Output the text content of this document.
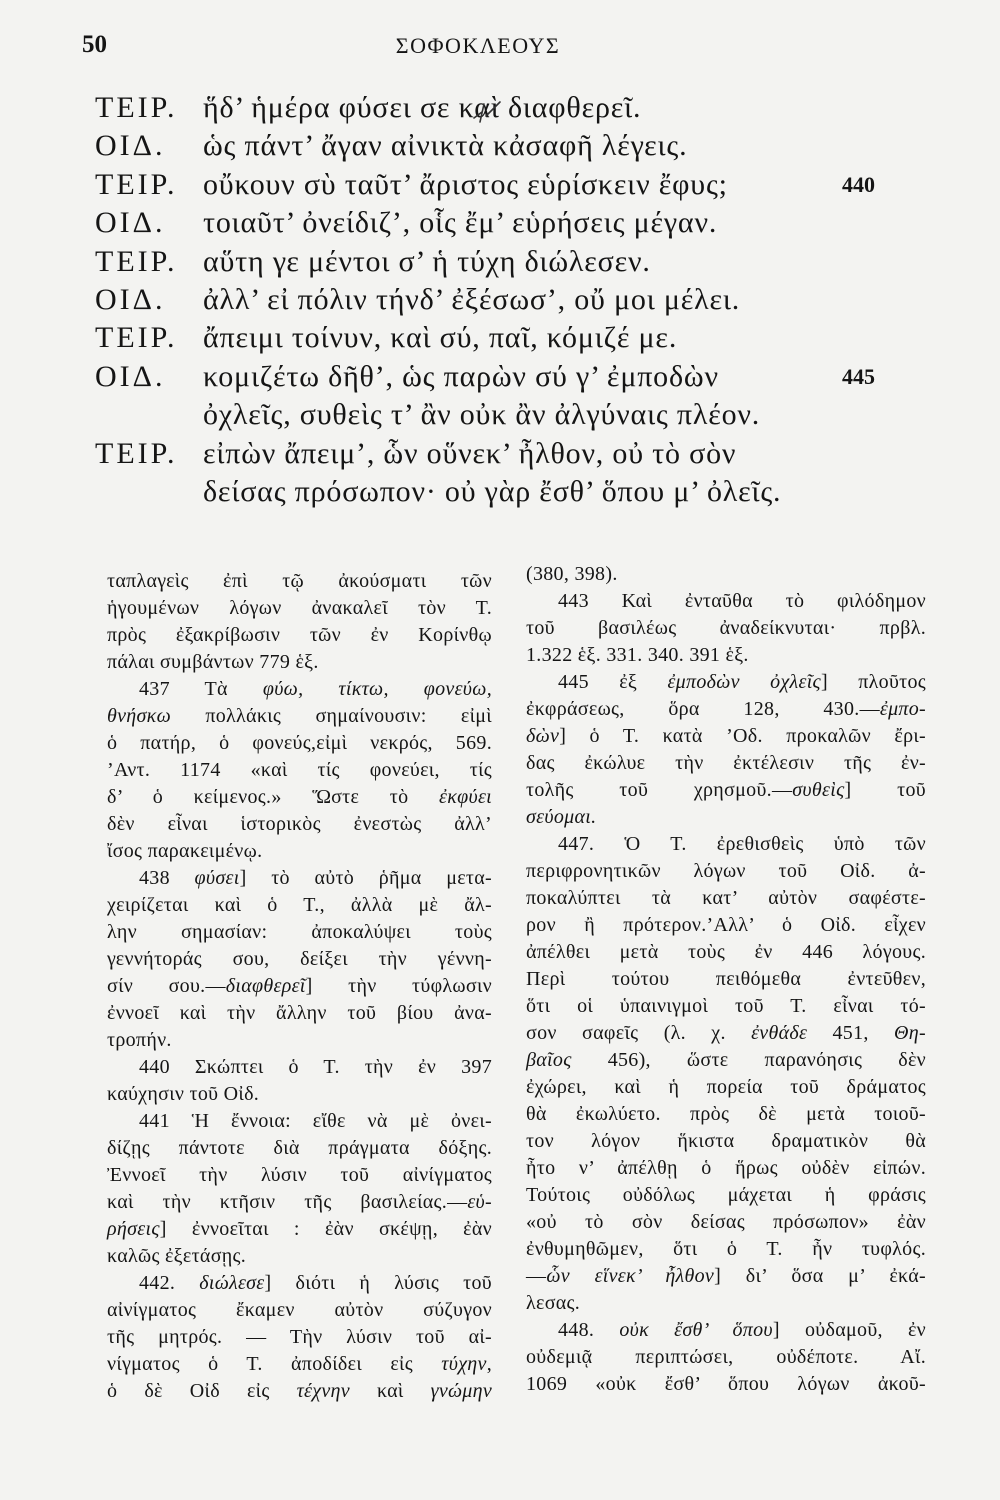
50	ΣΟΦΟΚΛΕΟΥΣ
ΤΕΙΡ. ἥδ’ ἡμέρα φύσει σε καὶ διαφθερεῖ.
ΟΙΔ. ὡς πάντ’ ἄγαν αἰνικτὰ κἀσαφῆ λέγεις.
ΤΕΙΡ. οὔκουν σὺ ταῦτ’ ἄριστος εὑρίσκειν ἔφυς;	440
ΟΙΔ. τοιαῦτ’ ὀνείδιζ’, οἷς ἔμ’ εὑρήσεις μέγαν.
ΤΕΙΡ. αὕτη γε μέντοι σ’ ἡ τύχη διώλεσεν.
ΟΙΔ. ἀλλ’ εἰ πόλιν τήνδ’ ἐξέσωσ’, οὔ μοι μέλει.
ΤΕΙΡ. ἄπειμι τοίνυν, καὶ σύ, παῖ, κόμιζέ με.
ΟΙΔ. κομιζέτω δῆθ’, ὡς παρὼν σύ γ’ ἐμποδὼν	445
ὀχλεῖς, συθεὶς τ’ ἂν οὐκ ἂν ἀλγύναις πλέον.
ΤΕΙΡ. εἰπὼν ἄπειμ’, ὧν οὕνεκ’ ἦλθον, οὐ τὸ σὸν
δείσας πρόσωπον· οὐ γὰρ ἔσθ’ ὅπου μ’ ὀλεῖς.
ταπλαγεὶς ἐπὶ τῷ ἀκούσματι τῶν
ἡγουμένων λόγων ἀνακαλεῖ τὸν Τ.
πρὸς ἐξακρίβωσιν τῶν ἐν Κορίνθῳ
πάλαι συμβάντων 779 ἑξ.
437 Τὰ φύω, τίκτω, φονεύω,
θνήσκω πολλάκις σημαίνουσιν: εἰμὶ
ὁ πατήρ, ὁ φονεύς,εἰμὶ νεκρός, 569.
’Αντ. 1174 «καὶ τίς φονεύει, τίς
δ’ ὁ κείμενος.» Ὥστε τὸ ἐκφύει
δὲν εἶναι ἱστορικὸς ἐνεστὼς ἀλλ’
ἴσος παρακειμένῳ.
438 φύσει] τὸ αὐτὸ ῥῆμα μετα-
χειρίζεται καὶ ὁ Τ., ἀλλὰ μὲ ἄλ-
λην σημασίαν: ἀποκαλύψει τοὺς
γεννήτοράς σου, δείξει τὴν γέννη-
σίν σου.—διαφθερεῖ] τὴν τύφλωσιν
ἐννοεῖ καὶ τὴν ἄλλην τοῦ βίου ἀνα-
τροπήν.
440 Σκώπτει ὁ Τ. τὴν ἐν 397
καύχησιν τοῦ Οἰδ.
441 Ἡ ἔννοια: εἴθε νὰ μὲ ὀνει-
δίζῃς πάντοτε διὰ πράγματα δόξης.
Ἐννοεῖ τὴν λύσιν τοῦ αἰνίγματος
καὶ τὴν κτῆσιν τῆς βασιλείας.—εὑ-
ρήσεις] ἐννοεῖται : ἐὰν σκέψῃ, ἐὰν
καλῶς ἐξετάσῃς.
442. διώλεσε] διότι ἡ λύσις τοῦ
αἰνίγματος ἔκαμεν αὐτὸν σύζυγον
τῆς μητρός. — Τὴν λύσιν τοῦ αἰ-
νίγματος ὁ Τ. ἀποδίδει εἰς τύχην,
ὁ δὲ Οἰδ εἰς τέχνην καὶ γνώμην
(380, 398).
443 Καὶ ἐνταῦθα τὸ φιλόδημον
τοῦ βασιλέως ἀναδείκνυται· πρβλ.
1.322 ἑξ. 331. 340. 391 ἑξ.
445 ἐξ ἐμποδὼν ὀχλεῖς] πλοῦτος
ἐκφράσεως, ὅρα 128, 430.—ἐμπο-
δὼν] ὁ Τ. κατὰ ’Οδ. προκαλῶν ἔρι-
δας ἐκώλυε τὴν ἐκτέλεσιν τῆς ἐν-
τολῆς τοῦ χρησμοῦ.—συθεὶς] τοῦ
σεύομαι.
447. Ὁ Τ. ἐρεθισθεὶς ὑπὸ τῶν
περιφρονητικῶν λόγων τοῦ Οἰδ. ἀ-
ποκαλύπτει τὰ κατ’ αὐτὸν σαφέστε-
ρον ἢ πρότερον.’Αλλ’ ὁ Οἰδ. εἶχεν
ἀπέλθει μετὰ τοὺς ἐν 446 λόγους.
Περὶ τούτου πειθόμεθα ἐντεῦθεν,
ὅτι οἱ ὑπαινιγμοὶ τοῦ Τ. εἶναι τό-
σον σαφεῖς (λ. χ. ἐνθάδε 451, Θη-
βαῖος 456), ὥστε παρανόησις δὲν
ἐχώρει, καὶ ἡ πορεία τοῦ δράματος
θὰ ἐκωλύετο. πρὸς δὲ μετὰ τοιοῦ-
τον λόγον ἥκιστα δραματικὸν θὰ
ἦτο ν’ ἀπέλθῃ ὁ ἥρως οὐδὲν εἰπών.
Τούτοις οὐδόλως μάχεται ἡ φράσις
«οὐ τὸ σὸν δείσας πρόσωπον» ἐὰν
ἐνθυμηθῶμεν, ὅτι ὁ Τ. ἦν τυφλός.
—ὧν εἵνεκ’ ἦλθον] δι’ ὅσα μ’ ἐκά-
λεσας.
448. οὐκ ἔσθ’ ὅπου] οὐδαμοῦ, ἐν
οὐδεμιᾷ περιπτώσει, οὐδέποτε. Αἴ.
1069 «οὐκ ἔσθ’ ὅπου λόγων ἀκοῦ-
